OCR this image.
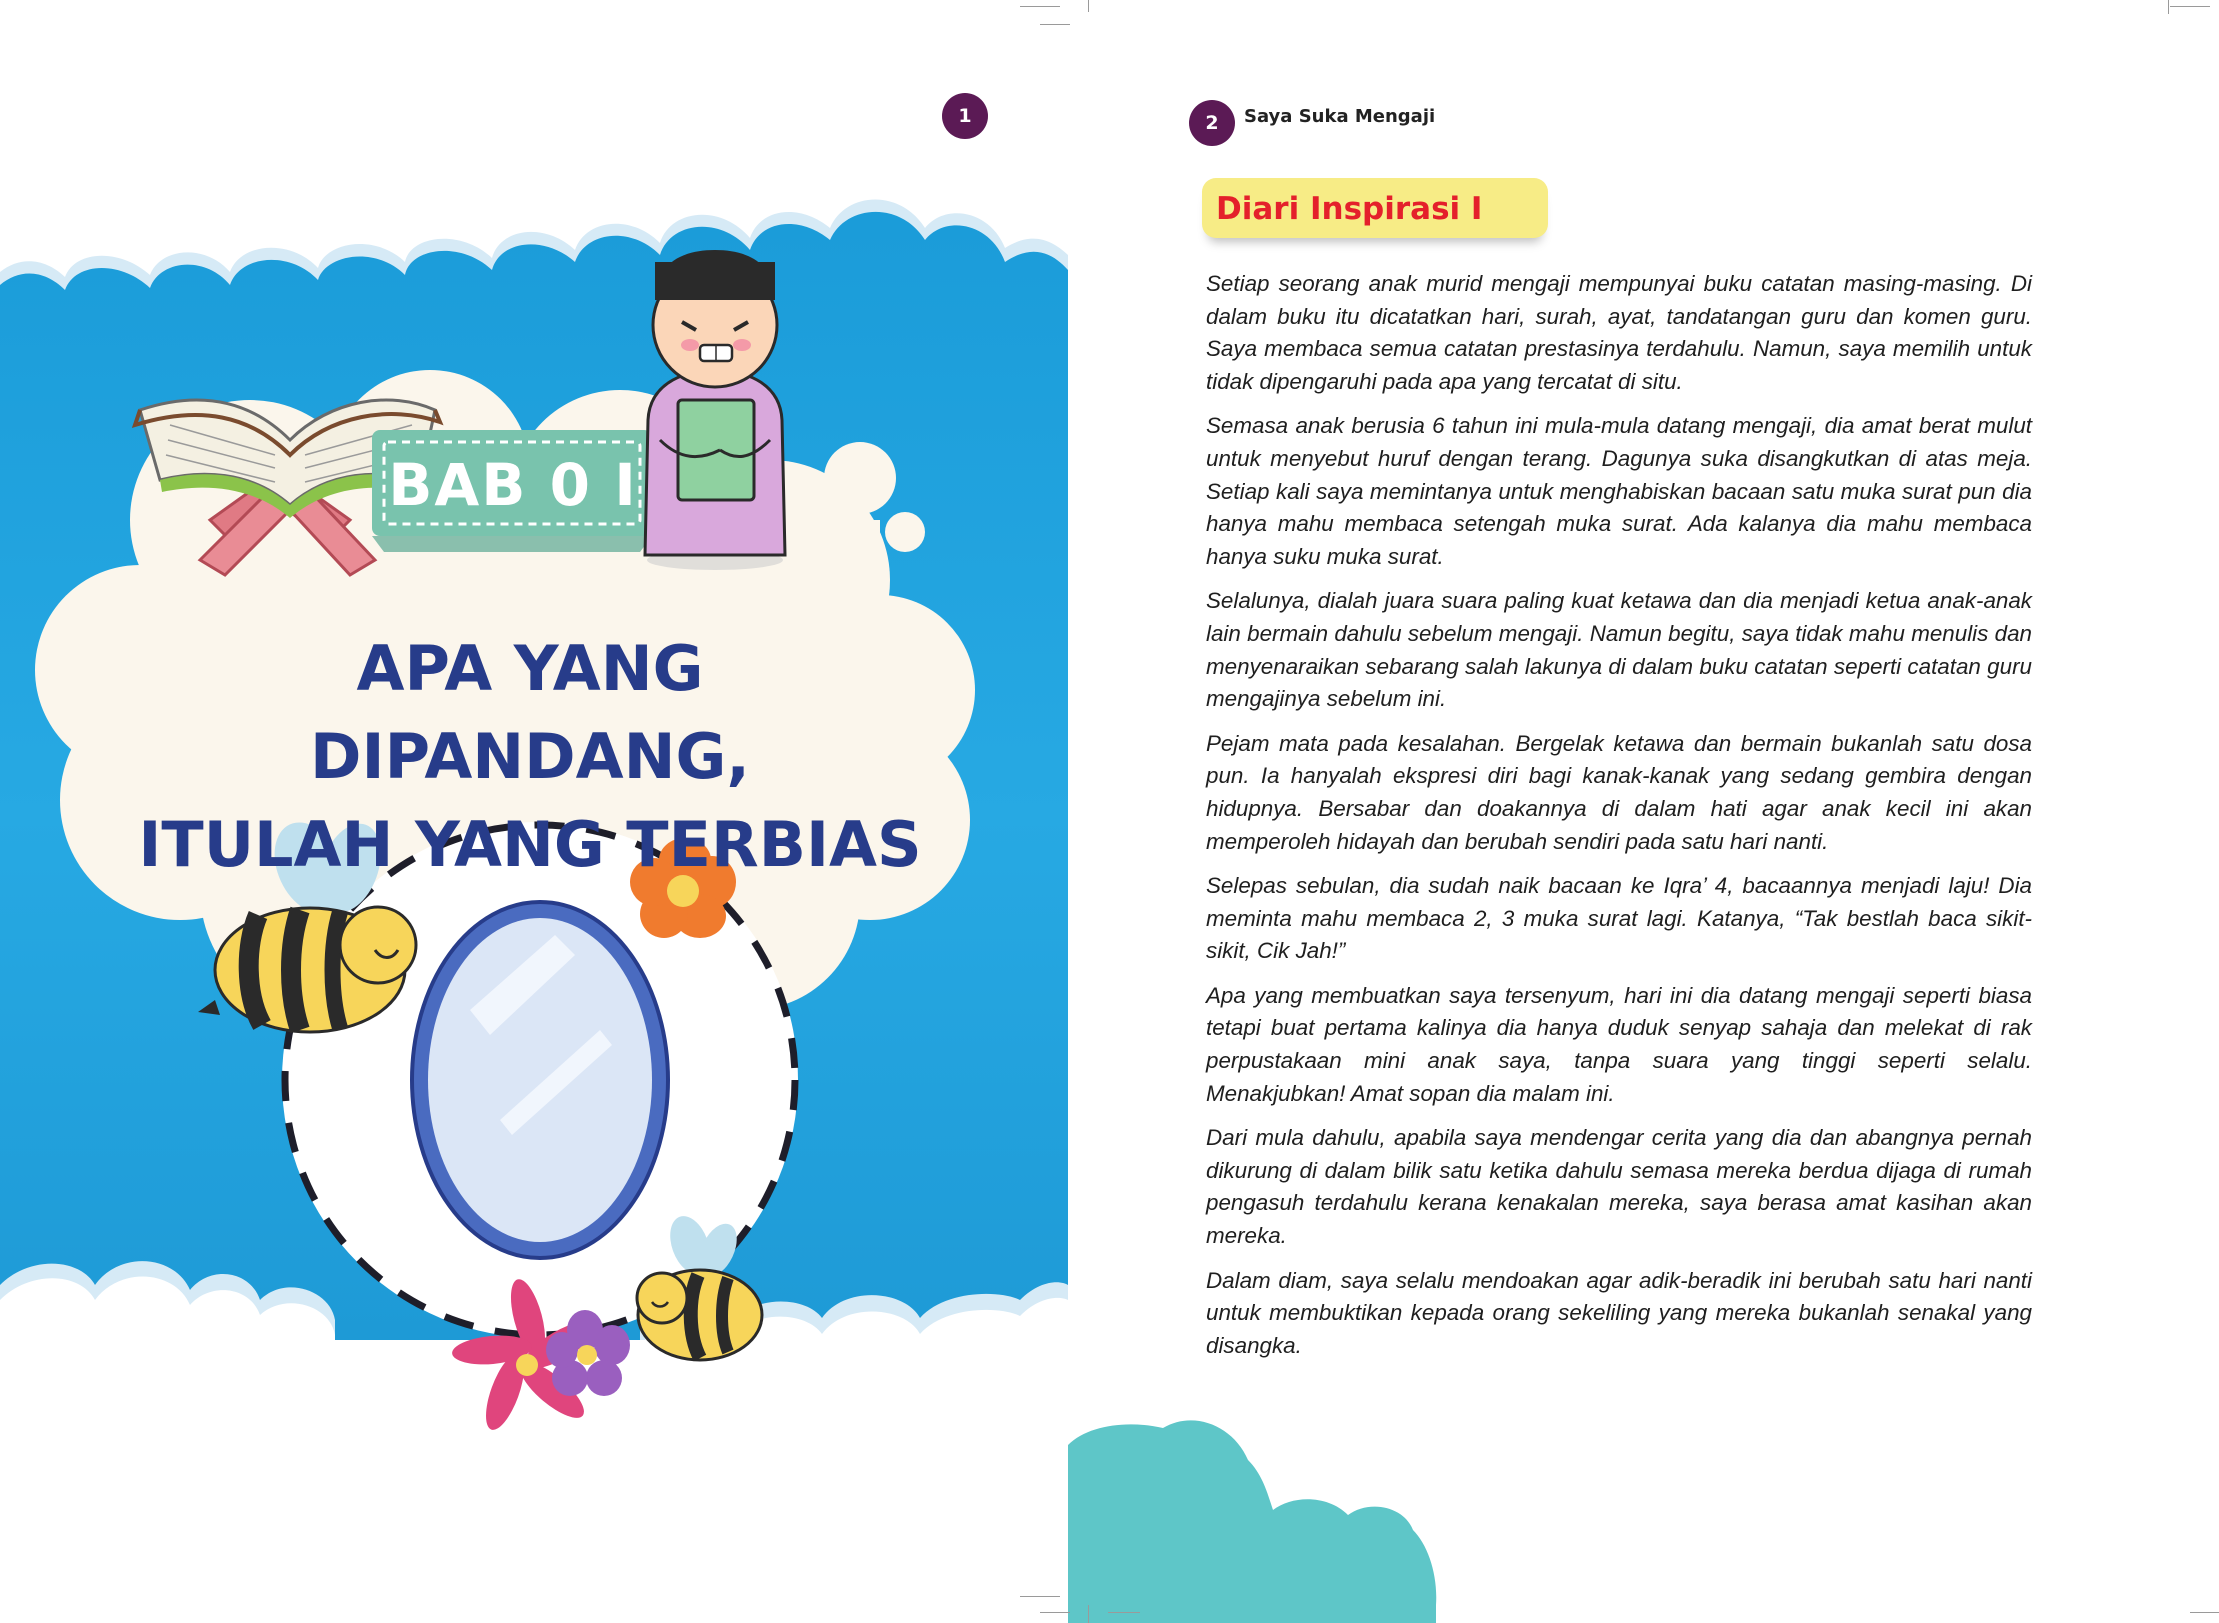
1
BAB 0 I
APA YANG DIPANDANG,
ITULAH YANG TERBIAS
2 Saya Suka Mengaji
Diari Inspirasi I

Setiap seorang anak murid mengaji mempunyai buku catatan masing-masing. Di dalam buku itu dicatatkan hari, surah, ayat, tandatangan guru dan komen guru. Saya membaca semua catatan prestasinya terdahulu. Namun, saya memilih untuk tidak dipengaruhi pada apa yang tercatat di situ.

Semasa anak berusia 6 tahun ini mula-mula datang mengaji, dia amat berat mulut untuk menyebut huruf dengan terang. Dagunya suka disangkutkan di atas meja. Setiap kali saya memintanya untuk menghabiskan bacaan satu muka surat pun dia hanya mahu membaca setengah muka surat. Ada kalanya dia mahu membaca hanya suku muka surat.

Selalunya, dialah juara suara paling kuat ketawa dan dia menjadi ketua anak-anak lain bermain dahulu sebelum mengaji. Namun begitu, saya tidak mahu menulis dan menyenaraikan sebarang salah lakunya di dalam buku catatan seperti catatan guru mengajinya sebelum ini.

Pejam mata pada kesalahan. Bergelak ketawa dan bermain bukanlah satu dosa pun. Ia hanyalah ekspresi diri bagi kanak-kanak yang sedang gembira dengan hidupnya. Bersabar dan doakannya di dalam hati agar anak kecil ini akan memperoleh hidayah dan berubah sendiri pada satu hari nanti.

Selepas sebulan, dia sudah naik bacaan ke Iqra’ 4, bacaannya menjadi laju! Dia meminta mahu membaca 2, 3 muka surat lagi. Katanya, “Tak bestlah baca sikit-sikit, Cik Jah!”

Apa yang membuatkan saya tersenyum, hari ini dia datang mengaji seperti biasa tetapi buat pertama kalinya dia hanya duduk senyap sahaja dan melekat di rak perpustakaan mini anak saya, tanpa suara yang tinggi seperti selalu. Menakjubkan! Amat sopan dia malam ini.

Dari mula dahulu, apabila saya mendengar cerita yang dia dan abangnya pernah dikurung di dalam bilik satu ketika dahulu semasa mereka berdua dijaga di rumah pengasuh terdahulu kerana kenakalan mereka, saya berasa amat kasihan akan mereka.

Dalam diam, saya selalu mendoakan agar adik-beradik ini berubah satu hari nanti untuk membuktikan kepada orang sekeliling yang mereka bukanlah senakal yang disangka.
